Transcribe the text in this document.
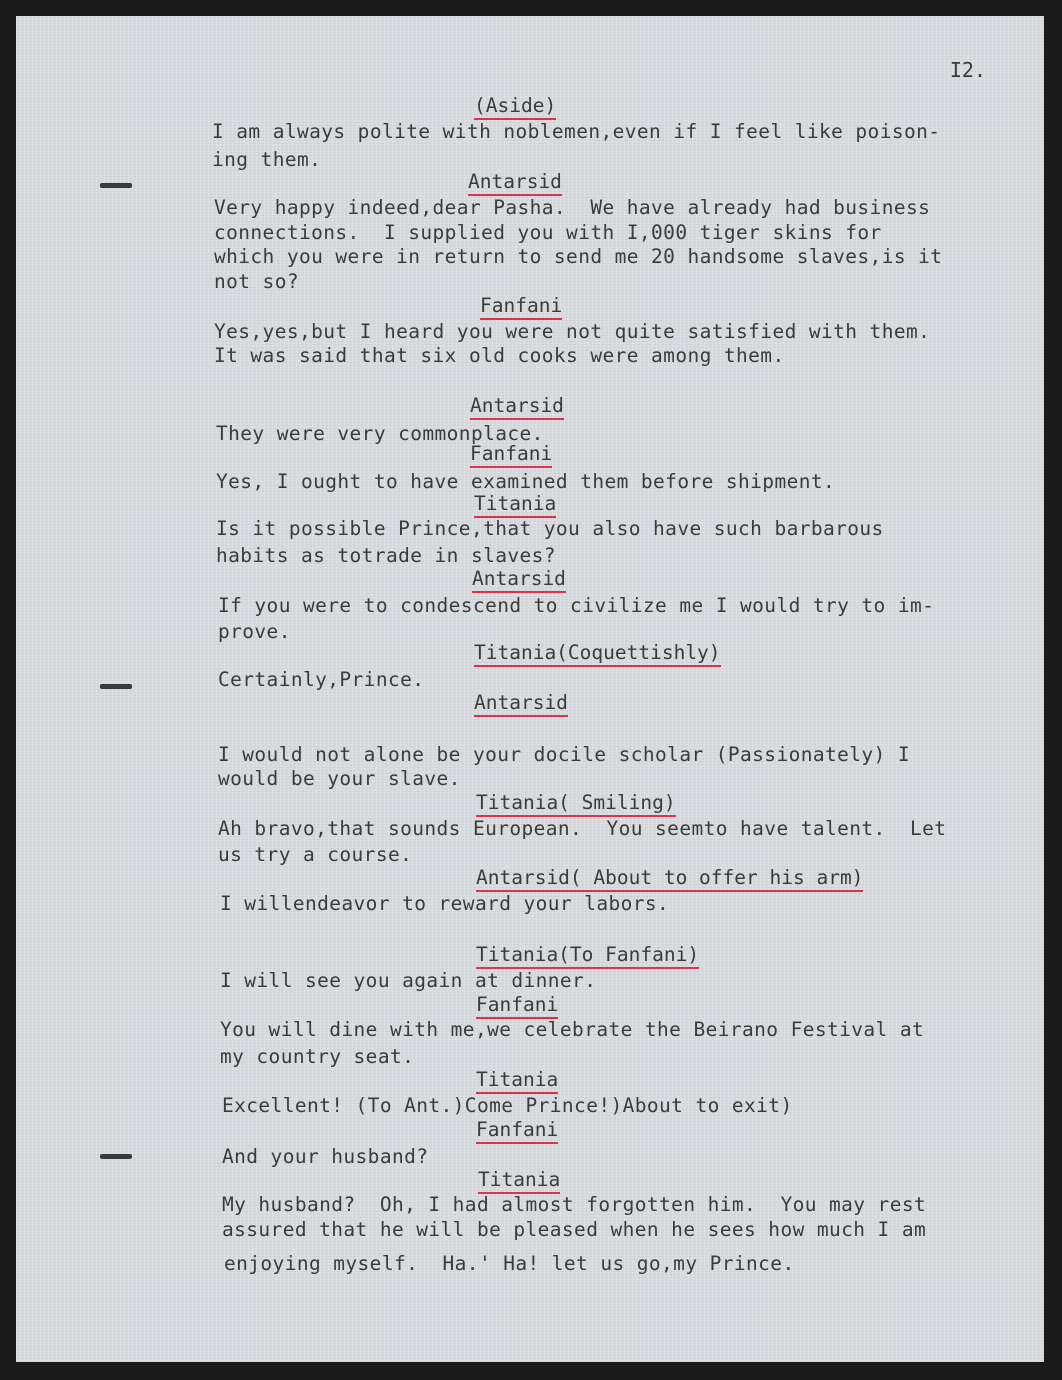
I2.
(Aside)
I am always polite with noblemen,even if I feel like poison-
ing them.
Antarsid
Very happy indeed,dear Pasha.  We have already had business
connections.  I supplied you with I,000 tiger skins for
which you were in return to send me 20 handsome slaves,is it
not so?
Fanfani
Yes,yes,but I heard you were not quite satisfied with them.
It was said that six old cooks were among them.
Antarsid
They were very commonplace.
Fanfani
Yes, I ought to have examined them before shipment.
Titania
Is it possible Prince,that you also have such barbarous
habits as totrade in slaves?
Antarsid
If you were to condescend to civilize me I would try to im-
prove.
Titania(Coquettishly)
Certainly,Prince.
Antarsid
I would not alone be your docile scholar (Passionately) I
would be your slave.
Titania( Smiling)
Ah bravo,that sounds European.  You seemto have talent.  Let
us try a course.
Antarsid( About to offer his arm)
I willendeavor to reward your labors.
Titania(To Fanfani)
I will see you again at dinner.
Fanfani
You will dine with me,we celebrate the Beirano Festival at
my country seat.
Titania
Excellent! (To Ant.)Come Prince!)About to exit)
Fanfani
And your husband?
Titania
My husband?  Oh, I had almost forgotten him.  You may rest
assured that he will be pleased when he sees how much I am
enjoying myself.  Ha.' Ha! let us go,my Prince.
